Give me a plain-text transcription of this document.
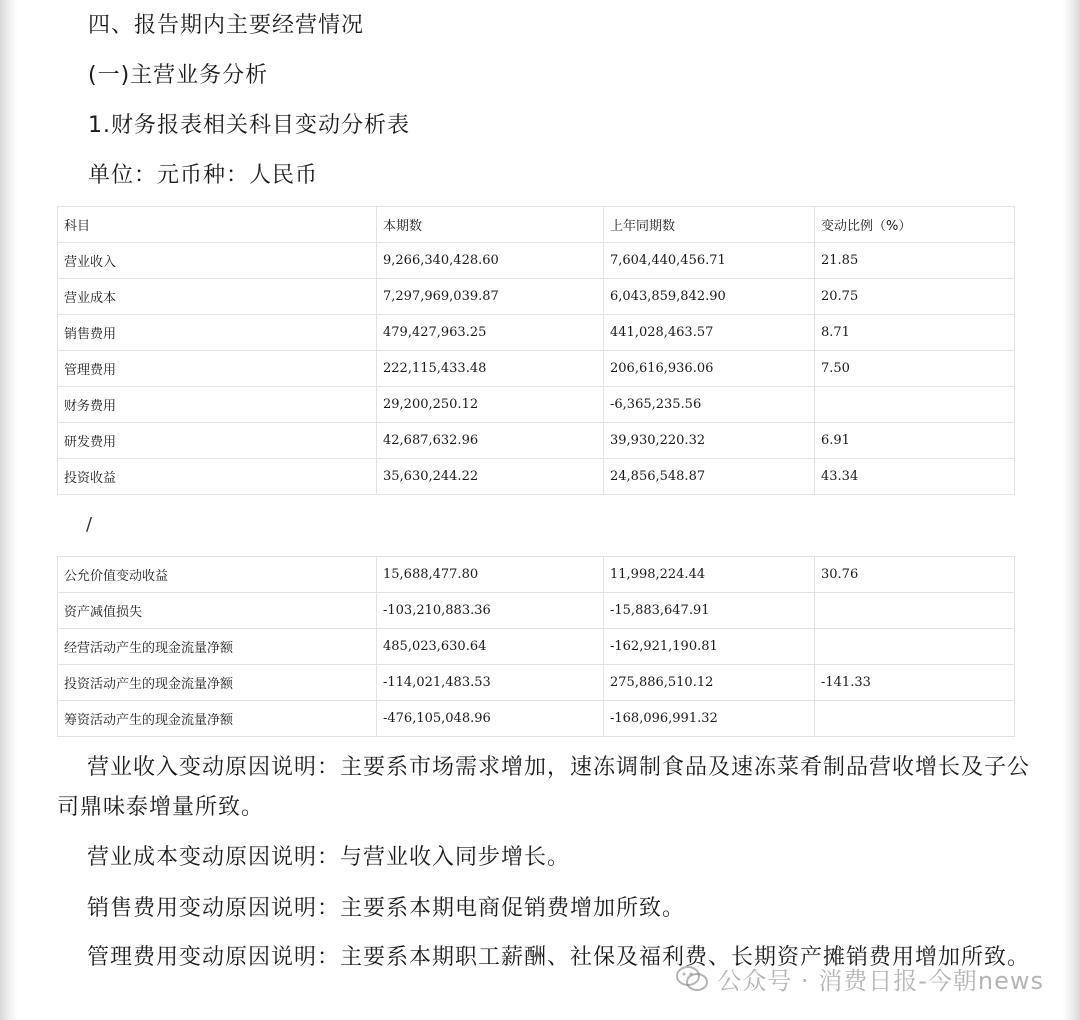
四、报告期内主要经营情况
(一)主营业务分析
1.财务报表相关科目变动分析表
单位：元币种：人民币
科目	本期数	上年同期数	变动比例（%）
营业收入	9,266,340,428.60	7,604,440,456.71	21.85
营业成本	7,297,969,039.87	6,043,859,842.90	20.75
销售费用	479,427,963.25	441,028,463.57	8.71
管理费用	222,115,433.48	206,616,936.06	7.50
财务费用	29,200,250.12	-6,365,235.56	
研发费用	42,687,632.96	39,930,220.32	6.91
投资收益	35,630,244.22	24,856,548.87	43.34
/
公允价值变动收益	15,688,477.80	11,998,224.44	30.76
资产减值损失	-103,210,883.36	-15,883,647.91	
经营活动产生的现金流量净额	485,023,630.64	-162,921,190.81	
投资活动产生的现金流量净额	-114,021,483.53	275,886,510.12	-141.33
筹资活动产生的现金流量净额	-476,105,048.96	-168,096,991.32	
营业收入变动原因说明：主要系市场需求增加，速冻调制食品及速冻菜肴制品营收增长及子公司鼎味泰增量所致。
营业成本变动原因说明：与营业收入同步增长。
销售费用变动原因说明：主要系本期电商促销费增加所致。
管理费用变动原因说明：主要系本期职工薪酬、社保及福利费、长期资产摊销费用增加所致。
公众号 · 消费日报-今朝news
